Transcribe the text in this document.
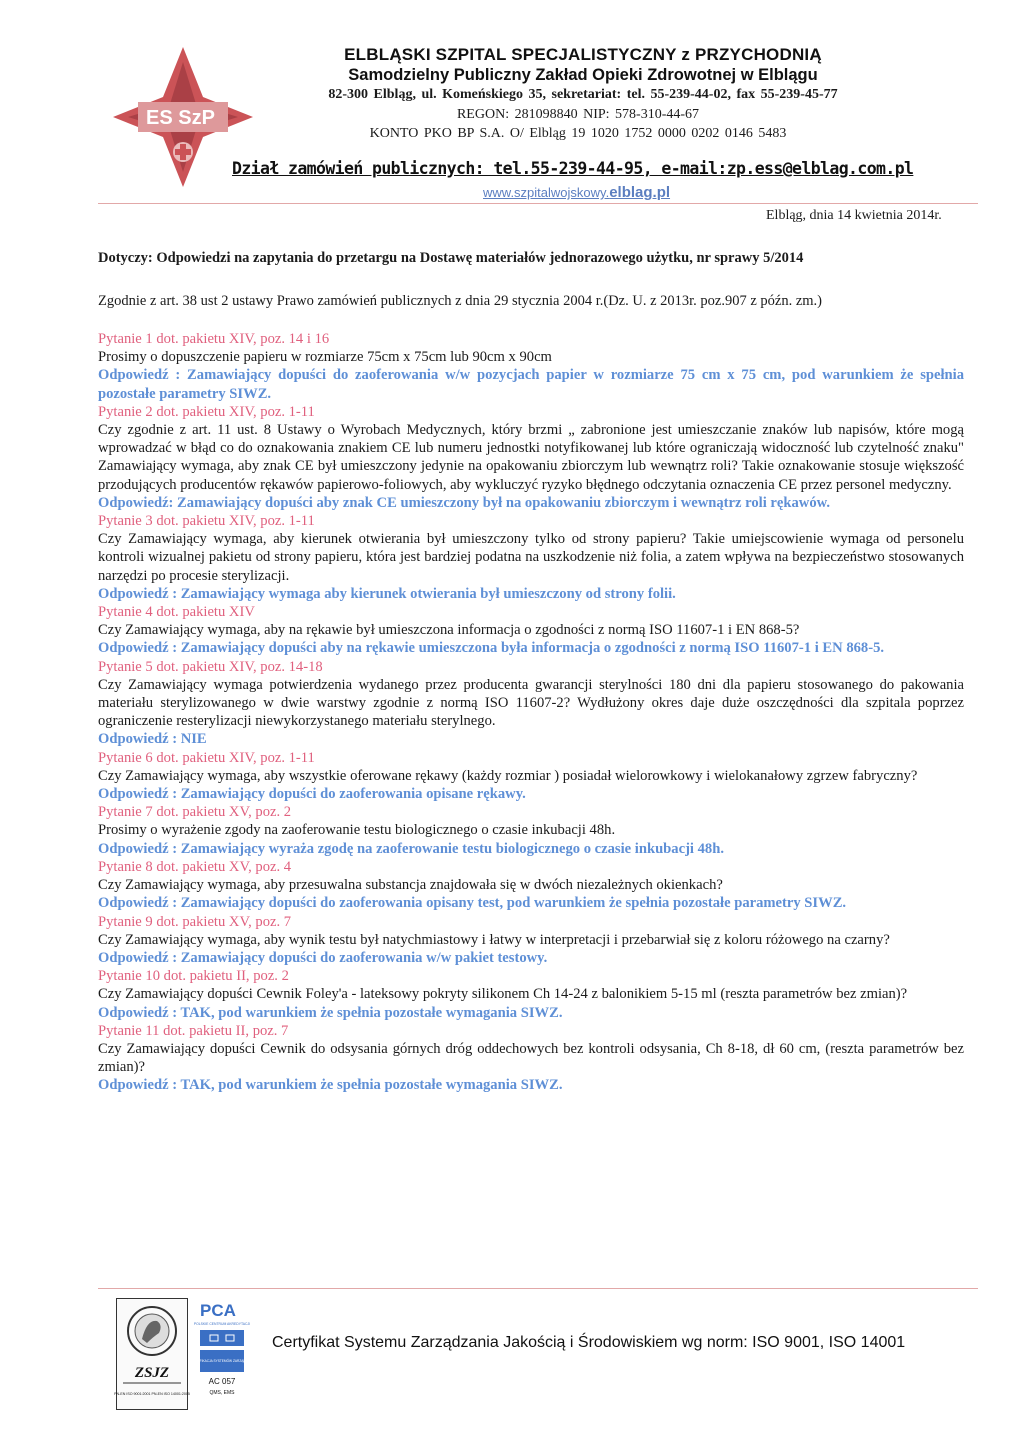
ES SzP
ELBLĄSKI SZPITAL SPECJALISTYCZNY z PRZYCHODNIĄ
Samodzielny Publiczny Zakład Opieki Zdrowotnej w Elblągu
82-300 Elbląg, ul. Komeńskiego 35, sekretariat: tel. 55-239-44-02, fax 55-239-45-77
REGON: 281098840 NIP: 578-310-44-67
KONTO PKO BP S.A. O/ Elbląg 19 1020 1752 0000 0202 0146 5483
Dział zamówień publicznych: tel.55-239-44-95, e-mail:zp.ess@elblag.com.pl
www.szpitalwojskowy.elblag.pl
Elbląg, dnia 14 kwietnia 2014r.
Dotyczy: Odpowiedzi na zapytania do przetargu na Dostawę materiałów jednorazowego użytku, nr sprawy 5/2014
Zgodnie z art. 38 ust 2 ustawy Prawo zamówień publicznych z dnia 29 stycznia 2004 r.(Dz. U. z 2013r. poz.907 z późn. zm.)
Pytanie 1 dot. pakietu XIV, poz. 14 i 16
Prosimy o dopuszczenie papieru w rozmiarze 75cm x 75cm lub 90cm x 90cm
Odpowiedź : Zamawiający dopuści do zaoferowania w/w pozycjach papier w rozmiarze 75 cm x 75 cm, pod warunkiem że spełnia pozostałe parametry SIWZ.
Pytanie 2 dot. pakietu XIV, poz. 1-11
Czy zgodnie z art. 11 ust. 8 Ustawy o Wyrobach Medycznych, który brzmi „ zabronione jest umieszczanie znaków lub napisów, które mogą wprowadzać w błąd co do oznakowania znakiem CE lub numeru jednostki notyfikowanej lub które ograniczają widoczność lub czytelność znaku" Zamawiający wymaga, aby znak CE był umieszczony jedynie na opakowaniu zbiorczym lub wewnątrz roli? Takie oznakowanie stosuje większość przodujących producentów rękawów papierowo-foliowych, aby wykluczyć ryzyko błędnego odczytania oznaczenia CE przez personel medyczny.
Odpowiedź: Zamawiający dopuści aby znak CE umieszczony był na opakowaniu zbiorczym i wewnątrz roli rękawów.
Pytanie 3 dot. pakietu XIV, poz. 1-11
Czy Zamawiający wymaga, aby kierunek otwierania był umieszczony tylko od strony papieru? Takie umiejscowienie wymaga od personelu kontroli wizualnej pakietu od strony papieru, która jest bardziej podatna na uszkodzenie niż folia, a zatem wpływa na bezpieczeństwo stosowanych narzędzi po procesie sterylizacji.
Odpowiedź : Zamawiający wymaga aby kierunek otwierania był umieszczony od strony folii.
Pytanie 4 dot. pakietu XIV
Czy Zamawiający wymaga, aby na rękawie był umieszczona informacja o zgodności z normą ISO 11607-1 i EN 868-5?
Odpowiedź : Zamawiający dopuści aby na rękawie umieszczona była informacja o zgodności z normą ISO 11607-1 i EN 868-5.
Pytanie 5 dot. pakietu XIV, poz. 14-18
Czy Zamawiający wymaga potwierdzenia wydanego przez producenta gwarancji sterylności 180 dni dla papieru stosowanego do pakowania materiału sterylizowanego w dwie warstwy zgodnie z normą ISO 11607-2? Wydłużony okres daje duże oszczędności dla szpitala poprzez ograniczenie resterylizacji niewykorzystanego materiału sterylnego.
Odpowiedź : NIE
Pytanie 6 dot. pakietu XIV, poz. 1-11
Czy Zamawiający wymaga, aby wszystkie oferowane rękawy (każdy rozmiar ) posiadał wielorowkowy i wielokanałowy zgrzew fabryczny?
Odpowiedź : Zamawiający dopuści do zaoferowania opisane rękawy.
Pytanie 7 dot. pakietu XV, poz. 2
Prosimy o wyrażenie zgody na zaoferowanie testu biologicznego o czasie inkubacji 48h.
Odpowiedź : Zamawiający wyraża zgodę na zaoferowanie testu biologicznego o czasie inkubacji 48h.
Pytanie 8 dot. pakietu XV, poz. 4
Czy Zamawiający wymaga, aby przesuwalna substancja znajdowała się w dwóch niezależnych okienkach?
Odpowiedź : Zamawiający dopuści do zaoferowania opisany test, pod warunkiem że spełnia pozostałe parametry SIWZ.
Pytanie 9 dot. pakietu XV, poz. 7
Czy Zamawiający wymaga, aby wynik testu był natychmiastowy i łatwy w interpretacji i przebarwiał się z koloru różowego na czarny?
Odpowiedź : Zamawiający dopuści do zaoferowania w/w pakiet testowy.
Pytanie 10 dot. pakietu II, poz. 2
Czy Zamawiający dopuści Cewnik Foley'a - lateksowy pokryty silikonem Ch 14-24 z balonikiem 5-15 ml (reszta parametrów bez zmian)?
Odpowiedź : TAK, pod warunkiem że spełnia pozostałe wymagania SIWZ.
Pytanie 11 dot. pakietu II, poz. 7
Czy Zamawiający dopuści Cewnik do odsysania górnych dróg oddechowych bez kontroli odsysania, Ch 8-18, dł 60 cm, (reszta parametrów bez zmian)?
Odpowiedź : TAK, pod warunkiem że spełnia pozostałe wymagania SIWZ.
ZSJZ
PN-EN ISO 9001:2001 PN-EN ISO 14001:2005
PCA
POLSKIE CENTRUM AKREDYTACJI
CERTYFIKACJA SYSTEMÓW ZARZĄDZANIA
AC 057
QMS, EMS
Certyfikat Systemu Zarządzania Jakością i Środowiskiem wg norm: ISO 9001, ISO 14001
